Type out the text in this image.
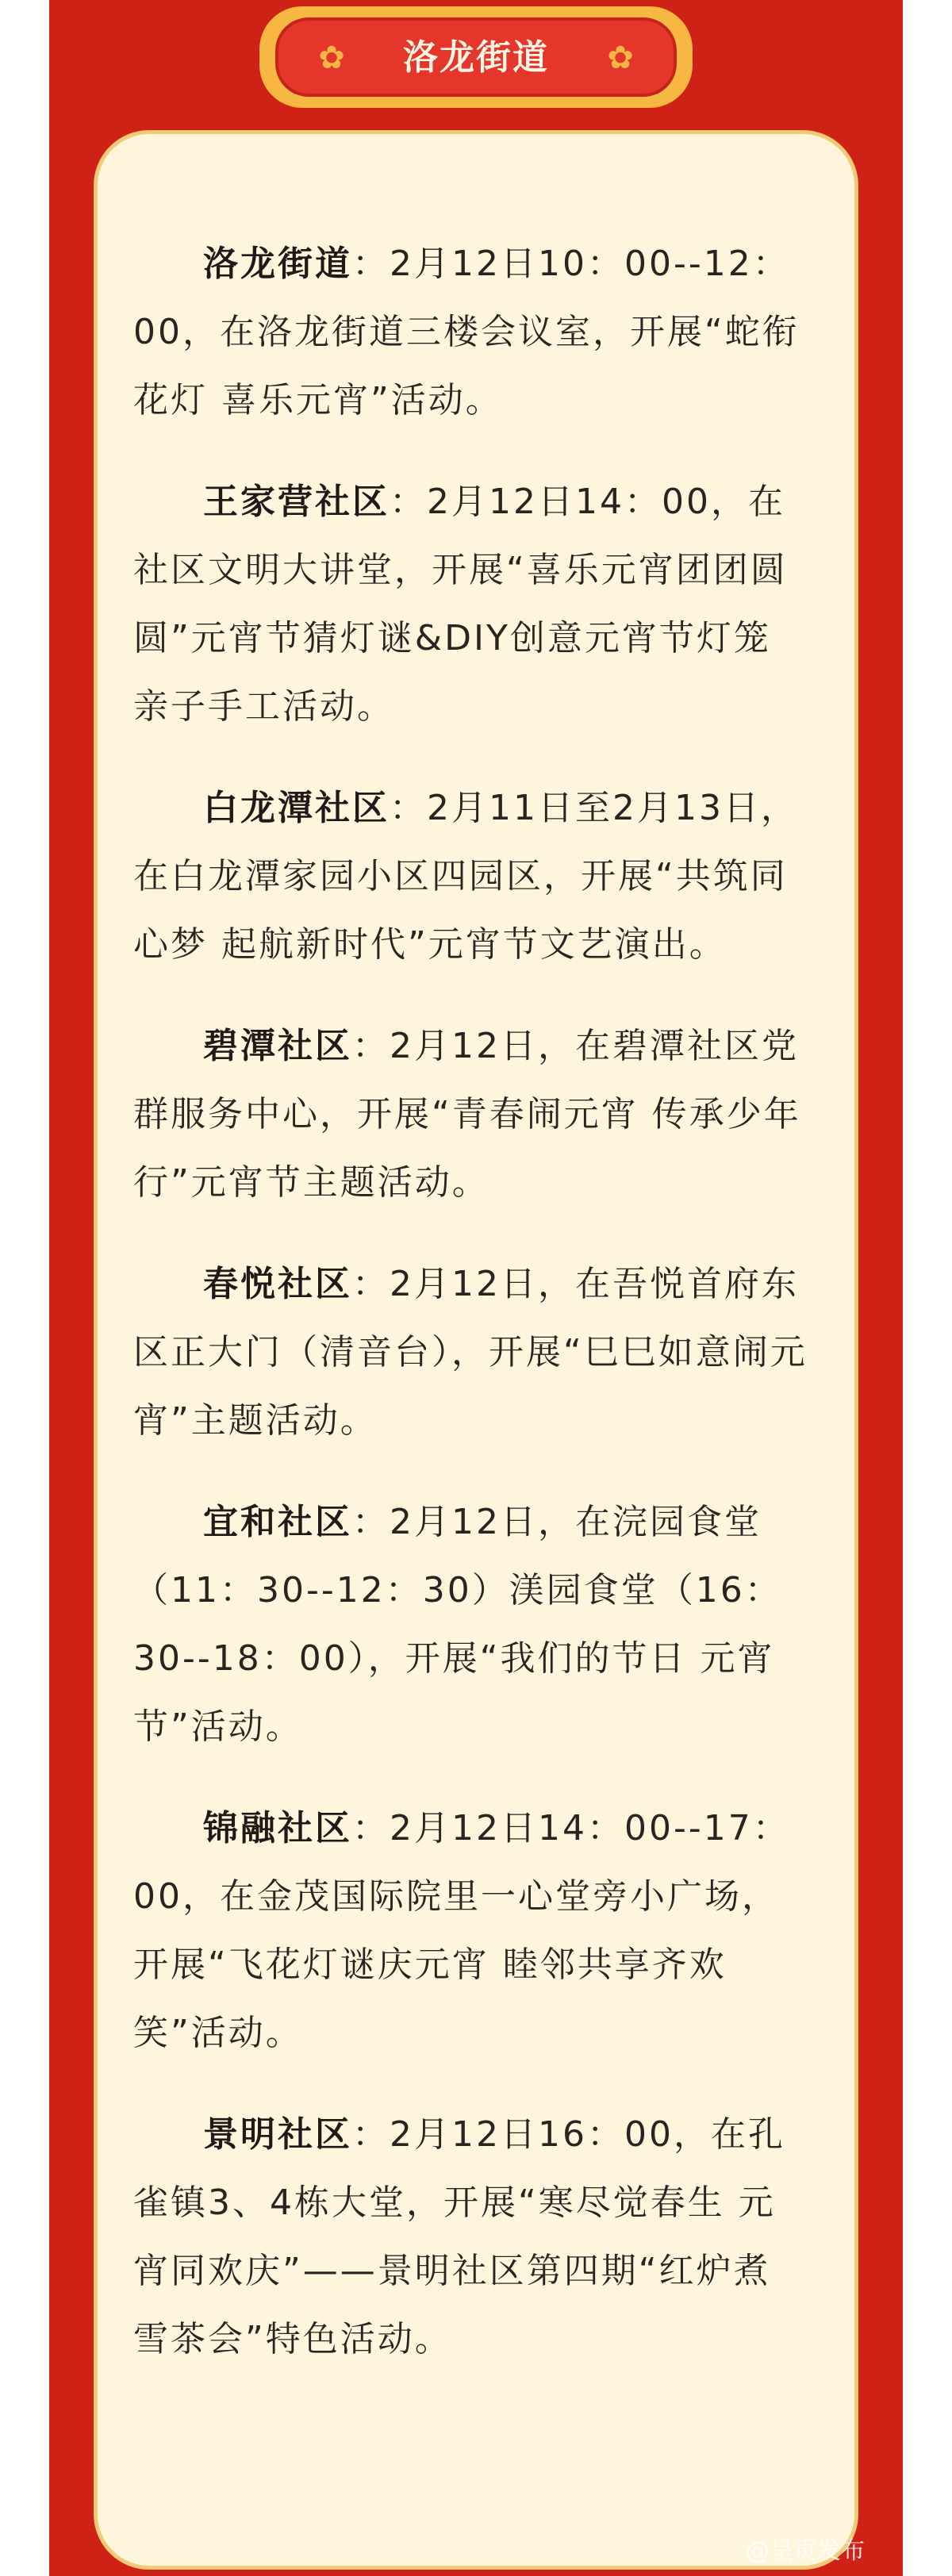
✿	✿
洛龙街道

洛龙街道：2月12日10：00--12：00，在洛龙街道三楼会议室，开展“蛇衔花灯 喜乐元宵”活动。

王家营社区：2月12日14：00，在社区文明大讲堂，开展“喜乐元宵团团圆圆”元宵节猜灯谜&DIY创意元宵节灯笼亲子手工活动。

白龙潭社区：2月11日至2月13日，在白龙潭家园小区四园区，开展“共筑同心梦 起航新时代”元宵节文艺演出。

碧潭社区：2月12日，在碧潭社区党群服务中心，开展“青春闹元宵 传承少年行”元宵节主题活动。

春悦社区：2月12日，在吾悦首府东区正大门（清音台），开展“巳巳如意闹元宵”主题活动。

宜和社区：2月12日，在浣园食堂（11：30--12：30）渼园食堂（16：30--18：00），开展“我们的节日 元宵节”活动。

锦融社区：2月12日14：00--17：00，在金茂国际院里一心堂旁小广场，开展“飞花灯谜庆元宵 睦邻共享齐欢笑”活动。

景明社区：2月12日16：00，在孔雀镇3、4栋大堂，开展“寒尽觉春生 元宵同欢庆”——景明社区第四期“红炉煮雪茶会”特色活动。

@呈贡发布
